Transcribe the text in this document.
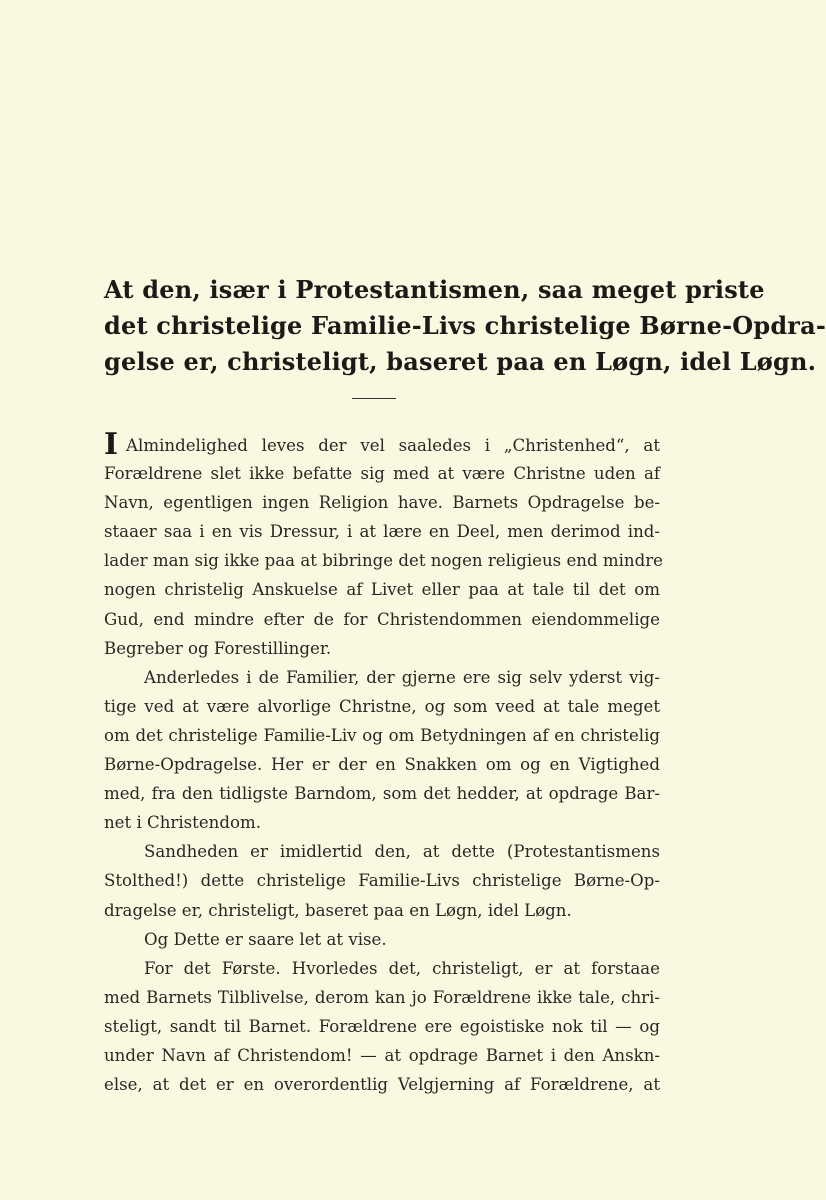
At den, især i Protestantismen, saa meget priste
det christelige Familie-Livs christelige Børne-Opdra-
gelse er, christeligt, baseret paa en Løgn, idel Løgn.
I Almindelighed leves der vel saaledes i „Christenhed“, at
Forældrene slet ikke befatte sig med at være Christne uden af
Navn, egentligen ingen Religion have. Barnets Opdragelse be-
staaer saa i en vis Dressur, i at lære en Deel, men derimod ind-
lader man sig ikke paa at bibringe det nogen religieus end mindre
nogen christelig Anskuelse af Livet eller paa at tale til det om
Gud, end mindre efter de for Christendommen eiendommelige
Begreber og Forestillinger.
Anderledes i de Familier, der gjerne ere sig selv yderst vig-
tige ved at være alvorlige Christne, og som veed at tale meget
om det christelige Familie-Liv og om Betydningen af en christelig
Børne-Opdragelse. Her er der en Snakken om og en Vigtighed
med, fra den tidligste Barndom, som det hedder, at opdrage Bar-
net i Christendom.
Sandheden er imidlertid den, at dette (Protestantismens
Stolthed!) dette christelige Familie-Livs christelige Børne-Op-
dragelse er, christeligt, baseret paa en Løgn, idel Løgn.
Og Dette er saare let at vise.
For det Første. Hvorledes det, christeligt, er at forstaae
med Barnets Tilblivelse, derom kan jo Forældrene ikke tale, chri-
steligt, sandt til Barnet. Forældrene ere egoistiske nok til — og
under Navn af Christendom! — at opdrage Barnet i den Anskn-
else, at det er en overordentlig Velgjerning af Forældrene, at
